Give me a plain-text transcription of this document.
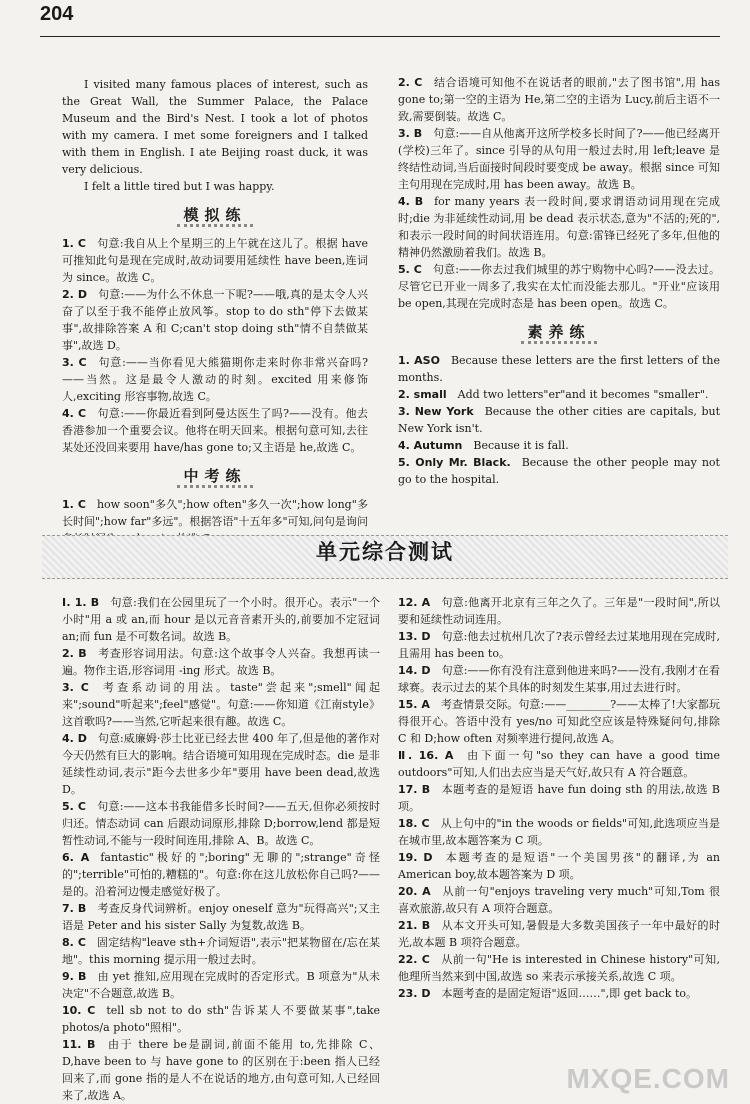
204

I visited many famous places of interest, such as the Great Wall, the Summer Palace, the Palace Museum and the Bird's Nest. I took a lot of photos with my camera. I met some foreigners and I talked with them in English. I ate Beijing roast duck, it was very delicious.

I felt a little tired but I was happy.

模拟练

1. C  句意:我自从上个星期三的上午就在这儿了。根据 have 可推知此句是现在完成时,故动词要用延续性 have been,连词为 since。故选 C。

2. D  句意:——为什么不休息一下呢?——哦,真的是太令人兴奋了以至于我不能停止放风筝。stop to do sth"停下去做某事",故排除答案 A 和 C;can't stop doing sth"情不自禁做某事",故选 D。

3. C  句意:——当你看见大熊猫期你走来时你非常兴奋吗?——当然。这是最令人激动的时刻。excited 用来修饰人,exciting 形容事物,故选 C。

4. C  句意:——你最近看到阿曼达医生了吗?——没有。他去香港参加一个重要会议。他将在明天回来。根据句意可知,去往某处还没回来要用 have/has gone to;又主语是 he,故选 C。

中考练

1. C  how soon"多久";how often"多久一次";how long"多长时间";how far"多远"。根据答语"十五年多"可知,问句是询问

2. C  结合语境可知他不在说话者的眼前,"去了图书馆",用 has gone to;第一空的主语为 He,第二空的主语为 Lucy,前后主语不一致,需要倒装。故选 C。

3. B  句意:——自从他离开这所学校多长时间了?——他已经离开(学校)三年了。since 引导的从句用一般过去时,用 left;leave 是终结性动词,当后面接时间段时要变成 be away。根据 since 可知主句用现在完成时,用 has been away。故选 B。

4. B  for many years 表一段时间,要求谓语动词用现在完成时;die 为非延续性动词,用 be dead 表示状态,意为"不活的;死的",和表示一段时间的时间状语连用。句意:雷锋已经死了多年,但他的精神仍然激励着我们。故选 B。

5. C  句意:——你去过我们城里的苏宁购物中心吗?——没去过。尽管它已开业一周多了,我实在太忙而没能去那儿。"开业"应该用 be open,其现在完成时态是 has been open。故选 C。

素养练

1. ASO  Because these letters are the first letters of the months.

2. small  Add two letters"er"and it becomes "smaller".

3. New York  Because the other cities are capitals, but New York isn't.

4. Autumn  Because it is fall.

5. Only Mr. Black.  Because the other people may not go to the hospital.

单元综合测试

Ⅰ. 1. B  句意:我们在公园里玩了一个小时。很开心。表示"一个小时"用 a 或 an,而 hour 是以元音音素开头的,前要加不定冠词 an;而 fun 是不可数名词。故选 B。

2. B  考查形容词用法。句意:这个故事令人兴奋。我想再读一遍。物作主语,形容词用 -ing 形式。故选 B。

3. C  考查系动词的用法。taste"尝起来";smell"闻起来";sound"听起来";feel"感觉"。句意:——你知道《江南style》这首歌吗?——当然,它听起来很有趣。故选 C。

4. D  句意:威廉姆·莎士比亚已经去世 400 年了,但是他的著作对今天仍然有巨大的影响。结合语境可知用现在完成时态。die 是非延续性动词,表示"距今去世多少年"要用 have been dead,故选 D。

5. C  句意:——这本书我能借多长时间?——五天,但你必须按时归还。情态动词 can 后跟动词原形,排除 D;borrow,lend 都是短暂性动词,不能与一段时间连用,排除 A、B。故选 C。

6. A  fantastic"极好的";boring"无聊的";strange"奇怪的";terrible"可怕的,糟糕的"。句意:你在这儿放松你自己吗?——是的。沿着河边慢走感觉好极了。

7. B  考查反身代词辨析。enjoy oneself 意为"玩得高兴";又主语是 Peter and his sister Sally 为复数,故选 B。

8. C  固定结构"leave sth+介词短语",表示"把某物留在/忘在某地"。this morning 提示用一般过去时。

9. B  由 yet 推知,应用现在完成时的否定形式。B 项意为"从未决定"不合题意,故选 B。

10. C  tell sb not to do sth"告诉某人不要做某事",take photos/a photo"照相"。

11. B  由于 there be是副词,前面不能用 to,先排除 C、D,have been to 与 have gone to 的区别在于:been 指人已经回来了,而 gone 指的是人不在说话的地方,由句意可知,人已经回来了,故选 A。

12. A  句意:他离开北京有三年之久了。三年是"一段时间",所以要和延续性动词连用。

13. D  句意:他去过杭州几次了?表示曾经去过某地用现在完成时,且需用 has been to。

14. D  句意:——你有没有注意到他进来吗?——没有,我刚才在看球赛。表示过去的某个具体的时刻发生某事,用过去进行时。

15. A  考查情景交际。句意:——________?——太棒了!大家都玩得很开心。答语中没有 yes/no 可知此空应该是特殊疑问句,排除 C 和 D;how often 对频率进行提问,故选 A。

Ⅱ. 16. A  由下面一句"so they can have a good time outdoors"可知,人们出去应当是天气好,故只有 A 符合题意。

17. B  本题考查的是短语 have fun doing sth 的用法,故选 B 项。

18. C  从上句中的"in the woods or fields"可知,此选项应当是在城市里,故本题答案为 C 项。

19. D  本题考查的是短语"一个美国男孩"的翻译,为 an American boy,故本题答案为 D 项。

20. A  从前一句"enjoys traveling very much"可知,Tom 很喜欢旅游,故只有 A 项符合题意。

21. B  从本文开头可知,暑假是大多数美国孩子一年中最好的时光,故本题 B 项符合题意。

22. C  从前一句"He is interested in Chinese history"可知,他理所当然来到中国,故选 so 来表示承接关系,故选 C 项。

23. D  本题考查的是固定短语"返回……",即 get back to。

MXQE.COM
